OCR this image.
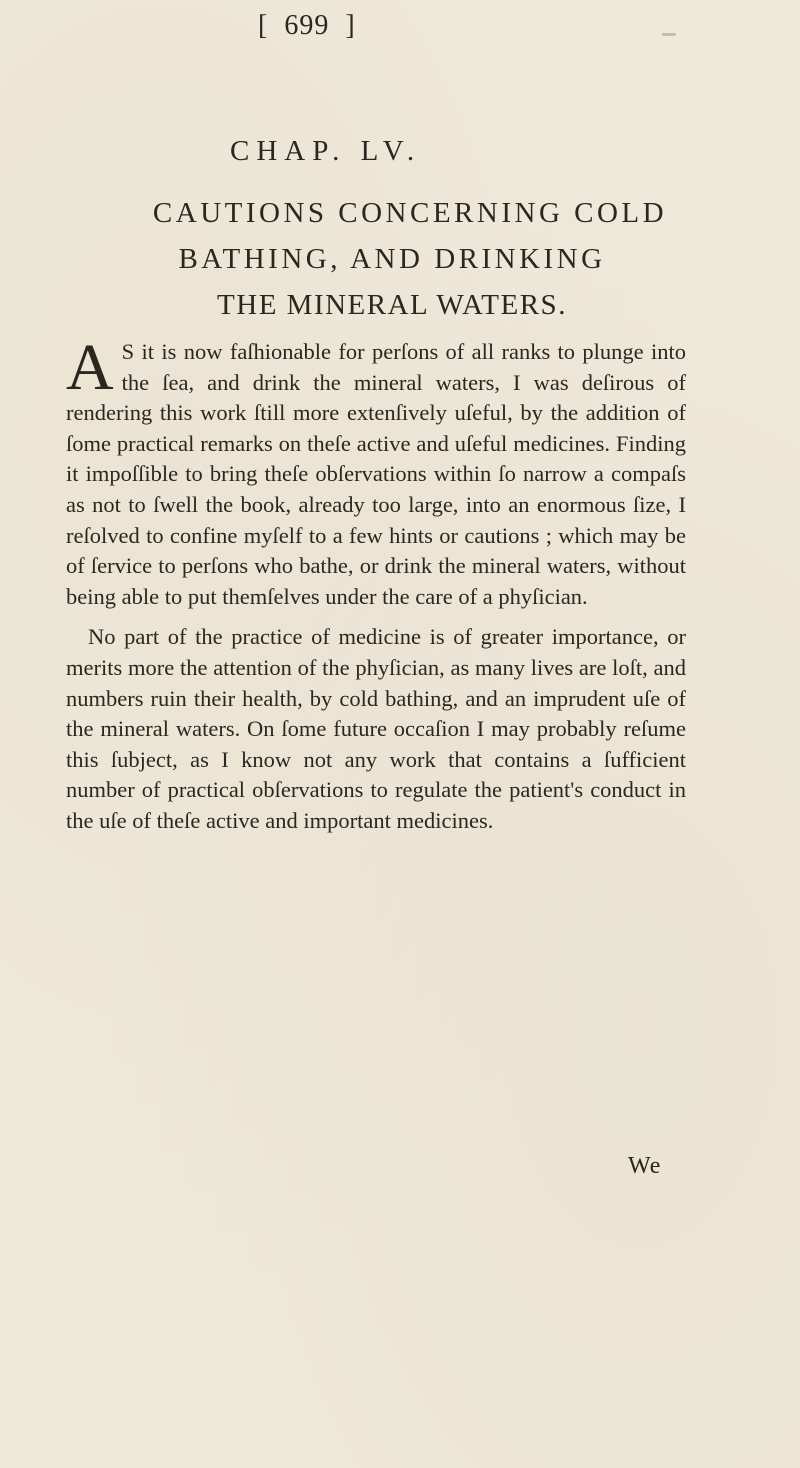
[ 699 ]
CHAP. LV.
CAUTIONS CONCERNING COLD
BATHING, AND DRINKING
THE MINERAL WATERS.

AS it is now faſhionable for perſons of all ranks to plunge into the ſea, and drink the mineral waters, I was deſirous of rendering this work ſtill more extenſively uſeful, by the addition of ſome practical remarks on theſe active and uſeful medicines. Finding it impoſſible to bring theſe obſervations within ſo narrow a compaſs as not to ſwell the book, already too large, into an enormous ſize, I reſolved to confine myſelf to a few hints or cautions ; which may be of ſervice to perſons who bathe, or drink the mineral waters, without being able to put themſelves under the care of a phyſician.

No part of the practice of medicine is of greater importance, or merits more the attention of the phyſician, as many lives are loſt, and numbers ruin their health, by cold bathing, and an imprudent uſe of the mineral waters. On ſome future occaſion I may probably reſume this ſubject, as I know not any work that contains a ſufficient number of practical obſervations to regulate the patient's conduct in the uſe of theſe active and important medicines.

We
